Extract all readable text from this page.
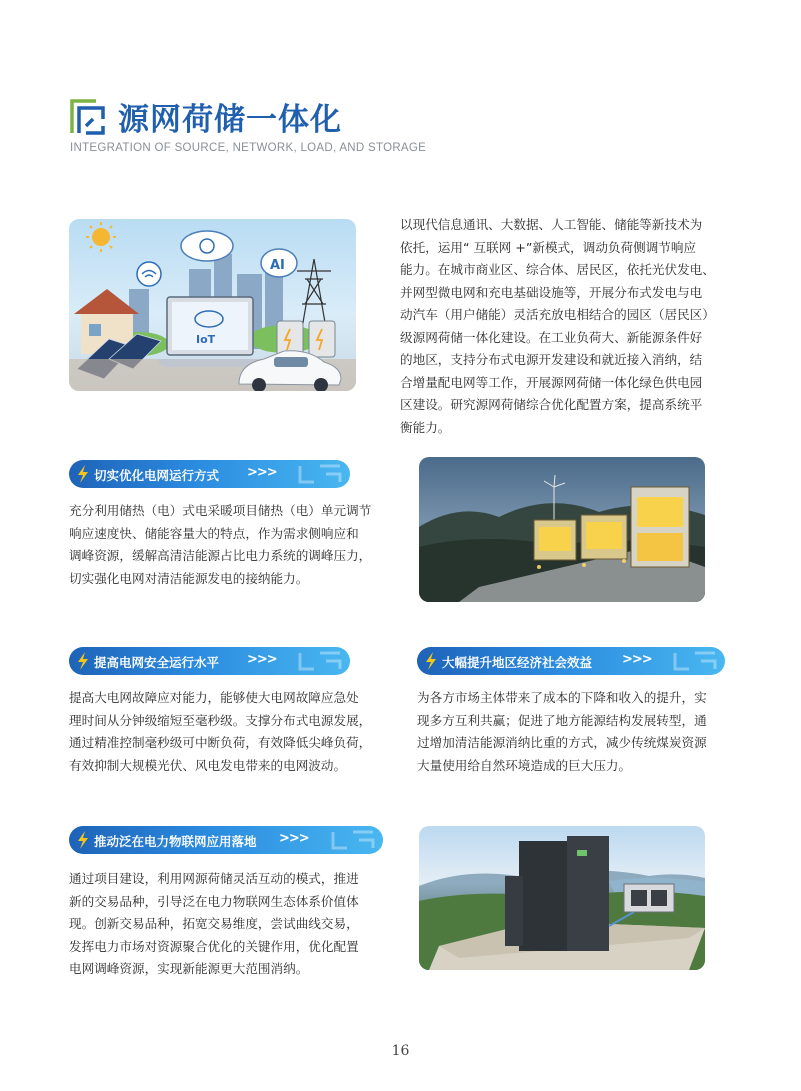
源网荷储一体化
INTEGRATION OF SOURCE, NETWORK, LOAD, AND STORAGE
AI
IoT
以现代信息通讯、大数据、人工智能、储能等新技术为
依托，运用“ 互联网 +”新模式，调动负荷侧调节响应
能力。在城市商业区、综合体、居民区，依托光伏发电、
并网型微电网和充电基础设施等，开展分布式发电与电
动汽车（用户储能）灵活充放电相结合的园区（居民区）
级源网荷储一体化建设。在工业负荷大、新能源条件好
的地区，支持分布式电源开发建设和就近接入消纳，结
合增量配电网等工作，开展源网荷储一体化绿色供电园
区建设。研究源网荷储综合优化配置方案，提高系统平
衡能力。
切实优化电网运行方式 >>>
充分利用储热（电）式电采暖项目储热（电）单元调节
响应速度快、储能容量大的特点，作为需求侧响应和
调峰资源，缓解高清洁能源占比电力系统的调峰压力，
切实强化电网对清洁能源发电的接纳能力。
提高电网安全运行水平 >>>
提高大电网故障应对能力，能够使大电网故障应急处
理时间从分钟级缩短至毫秒级。支撑分布式电源发展，
通过精准控制毫秒级可中断负荷，有效降低尖峰负荷，
有效抑制大规模光伏、风电发电带来的电网波动。
大幅提升地区经济社会效益 >>>
为各方市场主体带来了成本的下降和收入的提升，实
现多方互利共赢；促进了地方能源结构发展转型，通
过增加清洁能源消纳比重的方式，减少传统煤炭资源
大量使用给自然环境造成的巨大压力。
推动泛在电力物联网应用落地 >>>
通过项目建设，利用网源荷储灵活互动的模式，推进
新的交易品种，引导泛在电力物联网生态体系价值体
现。创新交易品种，拓宽交易维度，尝试曲线交易，
发挥电力市场对资源聚合优化的关键作用，优化配置
电网调峰资源，实现新能源更大范围消纳。
16
